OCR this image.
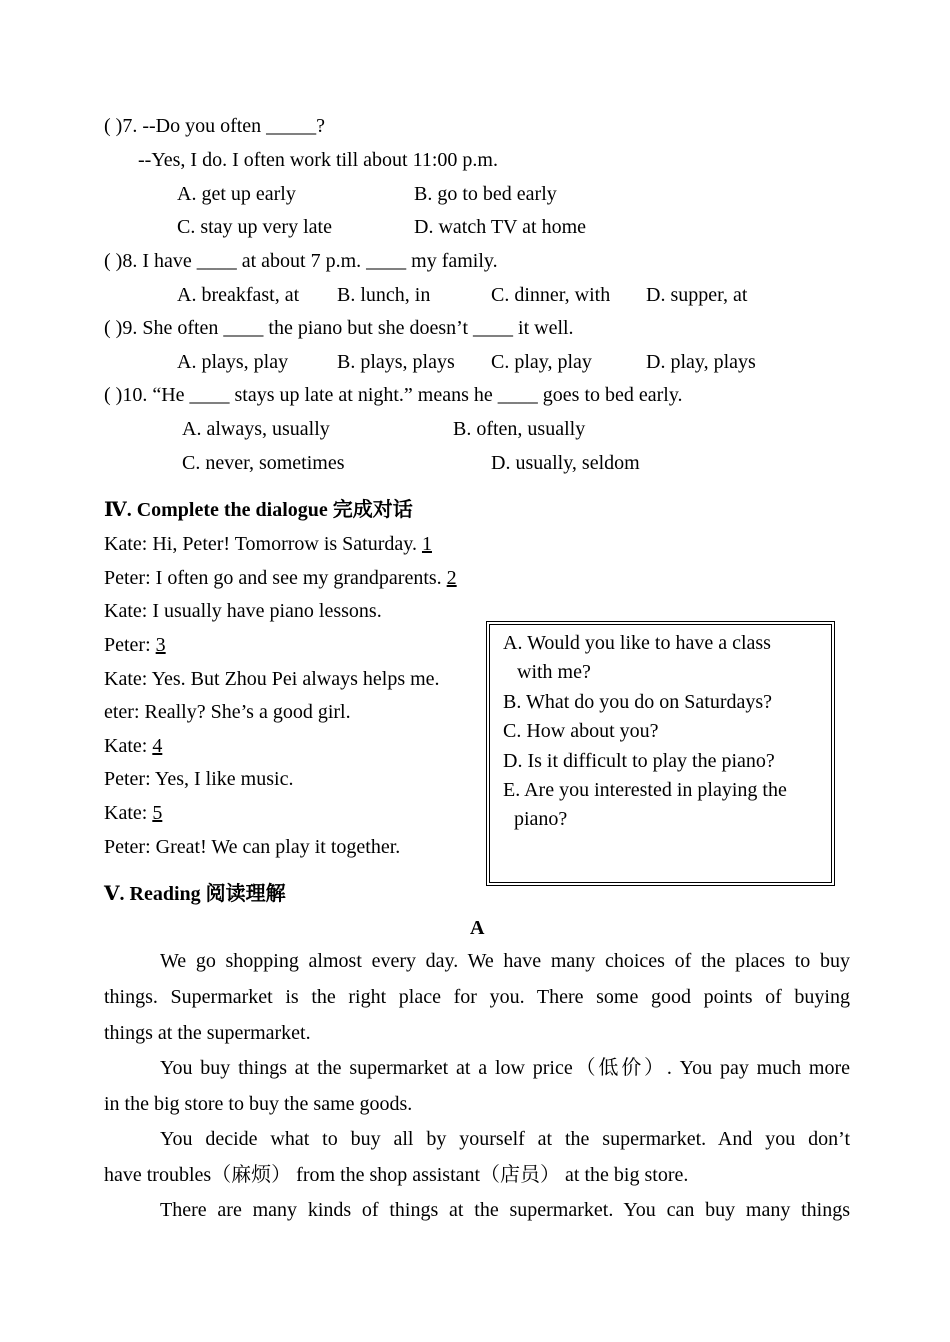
( )7. --Do you often _____?
--Yes, I do. I often work till about 11:00 p.m.
A. get up early	B. go to bed early
C. stay up very late	D. watch TV at home
( )8. I have ____ at about 7 p.m. ____ my family.
A. breakfast, at B. lunch, in	C. dinner, with D. supper, at
( )9. She often ____ the piano but she doesn’t ____ it well.
A. plays, play B. plays, plays C. play, play	D. play, plays
( )10. “He ____ stays up late at night.” means he ____ goes to bed early.
A. always, usually	B. often, usually
C. never, sometimes	D. usually, seldom
Ⅳ. Complete the dialogue 完成对话
Kate: Hi, Peter! Tomorrow is Saturday. 1
Peter: I often go and see my grandparents. 2
Kate: I usually have piano lessons.
Peter: 3
Kate: Yes. But Zhou Pei always helps me.
eter: Really? She’s a good girl.
Kate: 4
Peter: Yes, I like music.
Kate: 5
Peter: Great! We can play it together.
A. Would you like to have a class
with me?
B. What do you do on Saturdays?
C. How about you?
D. Is it difficult to play the piano?
E. Are you interested in playing the
piano?
Ⅴ. Reading 阅读理解
A
We go shopping almost every day. We have many choices of the places to buy
things. Supermarket is the right place for you. There some good points of buying
things at the supermarket.
You buy things at the supermarket at a low price（低价）. You pay much more
in the big store to buy the same goods.
You decide what to buy all by yourself at the supermarket. And you don’t
have troubles（麻烦） from the shop assistant（店员） at the big store.
There are many kinds of things at the supermarket. You can buy many things
